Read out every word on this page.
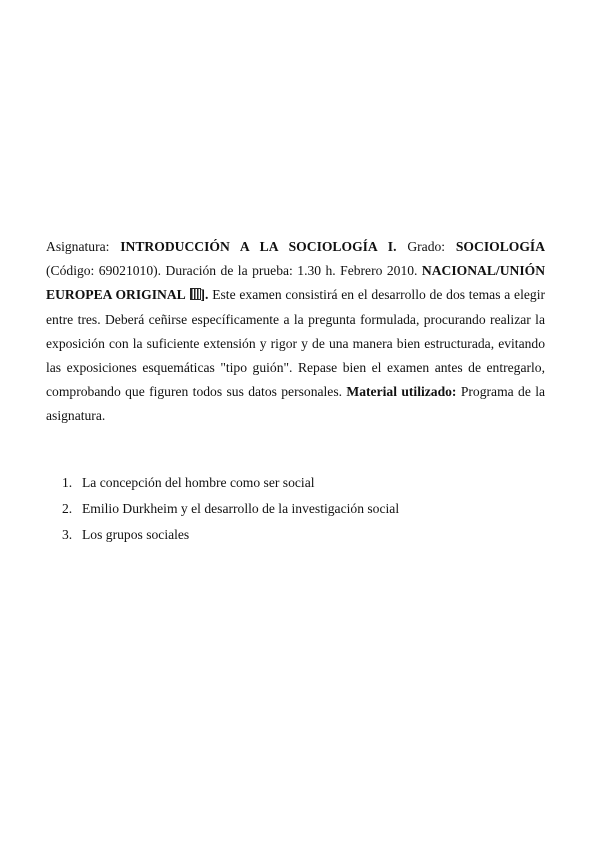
Asignatura: INTRODUCCIÓN A LA SOCIOLOGÍA I. Grado: SOCIOLOGÍA (Código: 69021010). Duración de la prueba: 1.30 h. Febrero 2010. NACIONAL/UNIÓN EUROPEA ORIGINAL ]. Este examen consistirá en el desarrollo de dos temas a elegir entre tres. Deberá ceñirse específicamente a la pregunta formulada, procurando realizar la exposición con la suficiente extensión y rigor y de una manera bien estructurada, evitando las exposiciones esquemáticas "tipo guión". Repase bien el examen antes de entregarlo, comprobando que figuren todos sus datos personales. Material utilizado: Programa de la asignatura.

1. La concepción del hombre como ser social
2. Emilio Durkheim y el desarrollo de la investigación social
3. Los grupos sociales
